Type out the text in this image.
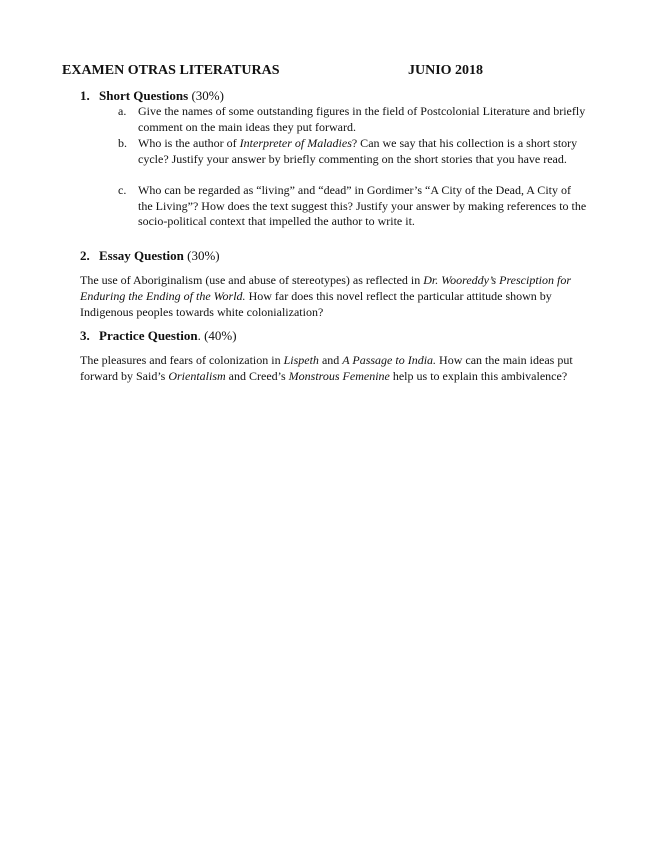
EXAMEN OTRAS LITERATURAS	JUNIO 2018
1. Short Questions (30%)
a. Give the names of some outstanding figures in the field of Postcolonial Literature and briefly comment on the main ideas they put forward.
b. Who is the author of Interpreter of Maladies? Can we say that his collection is a short story cycle? Justify your answer by briefly commenting on the short stories that you have read.
c. Who can be regarded as “living” and “dead” in Gordimer’s “A City of the Dead, A City of the Living”? How does the text suggest this? Justify your answer by making references to the socio-political context that impelled the author to write it.
2. Essay Question (30%)
The use of Aboriginalism (use and abuse of stereotypes) as reflected in Dr. Wooreddy’s Presciption for Enduring the Ending of the World. How far does this novel reflect the particular attitude shown by Indigenous peoples towards white colonialization?
3. Practice Question. (40%)
The pleasures and fears of colonization in Lispeth and A Passage to India. How can the main ideas put forward by Said’s Orientalism and Creed’s Monstrous Femenine help us to explain this ambivalence?
